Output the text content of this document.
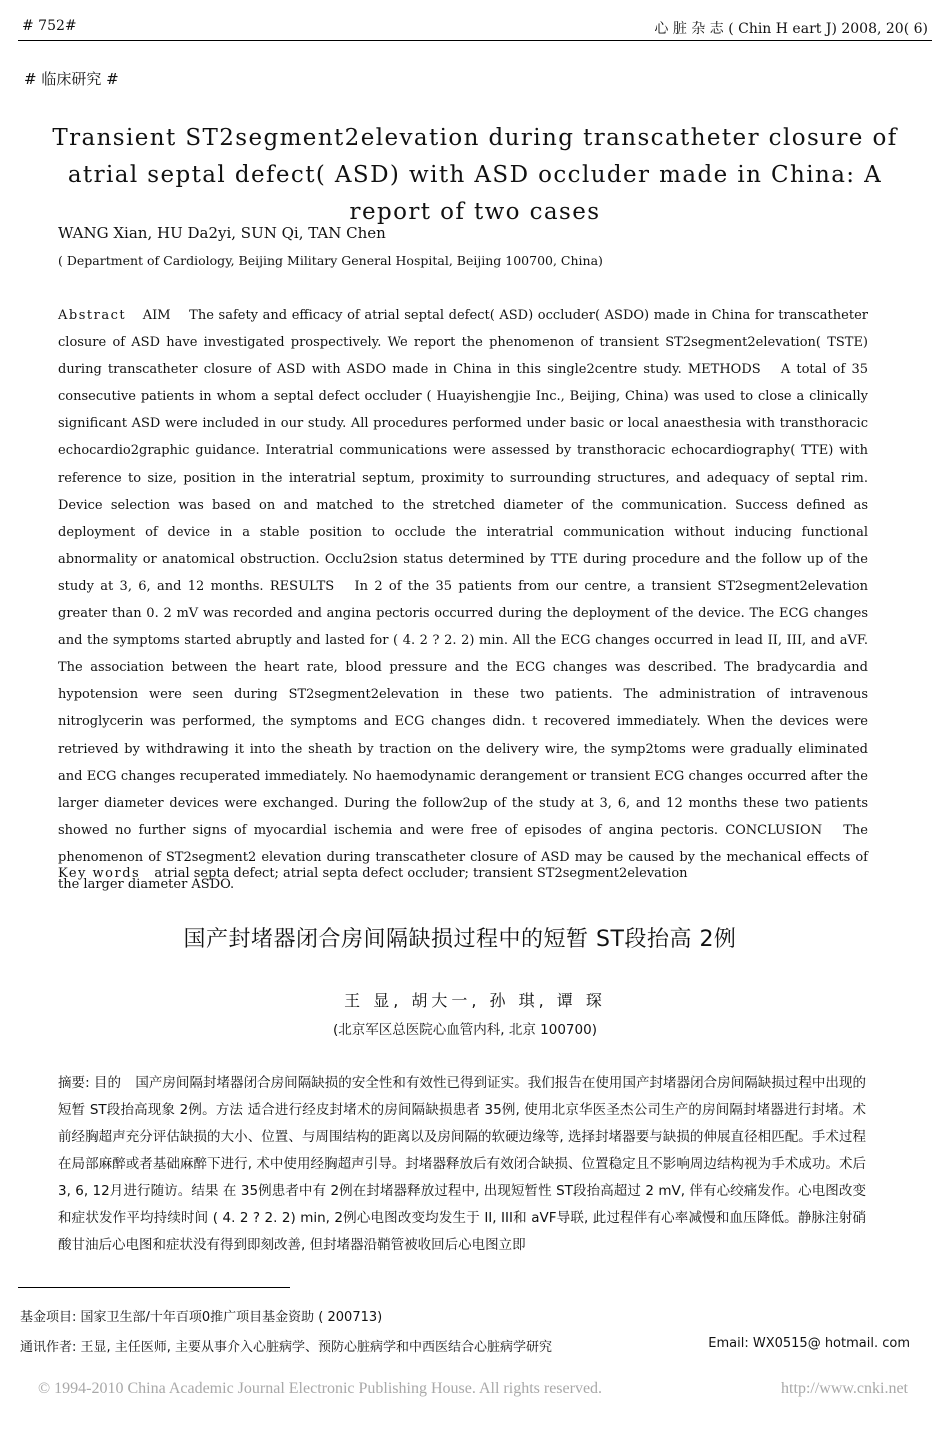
# 752#	心 脏 杂 志 ( Chin H eart J) 2008, 20( 6)
# 临床研究 #
Transient ST2segment2elevation during transcatheter closure of atrial septal defect( ASD) with ASD occluder made in China: A report of two cases
WANG Xian, HU Da2yi, SUN Qi, TAN Chen
( Department of Cardiology, Beijing Military General Hospital, Beijing 100700, China)
Abstract AIM The safety and efficacy of atrial septal defect( ASD) occluder( ASDO) made in China for transcatheter closure of ASD have investigated prospectively. We report the phenomenon of transient ST2segment2elevation( TSTE) during transcatheter closure of ASD with ASDO made in China in this single2centre study. METHODS A total of 35 consecutive patients in whom a septal defect occluder ( Huayishengjie Inc., Beijing, China) was used to close a clinically significant ASD were included in our study. All procedures performed under basic or local anaesthesia with transthoracic echocardio2graphic guidance. Interatrial communications were assessed by transthoracic echocardiography( TTE) with reference to size, position in the interatrial septum, proximity to surrounding structures, and adequacy of septal rim. Device selection was based on and matched to the stretched diameter of the communication. Success defined as deployment of device in a stable position to occlude the interatrial communication without inducing functional abnormality or anatomical obstruction. Occlu2sion status determined by TTE during procedure and the follow up of the study at 3, 6, and 12 months. RESULTS In 2 of the 35 patients from our centre, a transient ST2segment2elevation greater than 0. 2 mV was recorded and angina pectoris occurred during the deployment of the device. The ECG changes and the symptoms started abruptly and lasted for ( 4. 2 ? 2. 2) min. All the ECG changes occurred in lead II, III, and aVF. The association between the heart rate, blood pressure and the ECG changes was described. The bradycardia and hypotension were seen during ST2segment2elevation in these two patients. The administration of intravenous nitroglycerin was performed, the symptoms and ECG changes didn. t recovered immediately. When the devices were retrieved by withdrawing it into the sheath by traction on the delivery wire, the symp2toms were gradually eliminated and ECG changes recuperated immediately. No haemodynamic derangement or transient ECG changes occurred after the larger diameter devices were exchanged. During the follow2up of the study at 3, 6, and 12 months these two patients showed no further signs of myocardial ischemia and were free of episodes of angina pectoris. CONCLUSION The phenomenon of ST2segment2 elevation during transcatheter closure of ASD may be caused by the mechanical effects of the larger diameter ASDO.
Key words atrial septa defect; atrial septa defect occluder; transient ST2segment2elevation
国产封堵器闭合房间隔缺损过程中的短暂 ST段抬高 2例
王 显, 胡大一, 孙 琪, 谭 琛
(北京军区总医院心血管内科, 北京 100700)
摘要: 目的 国产房间隔封堵器闭合房间隔缺损的安全性和有效性已得到证实。我们报告在使用国产封堵器闭合房间隔缺损过程中出现的短暂 ST段抬高现象 2例。方法 适合进行经皮封堵术的房间隔缺损患者 35例, 使用北京华医圣杰公司生产的房间隔封堵器进行封堵。术前经胸超声充分评估缺损的大小、位置、与周围结构的距离以及房间隔的软硬边缘等, 选择封堵器要与缺损的伸展直径相匹配。手术过程在局部麻醉或者基础麻醉下进行, 术中使用经胸超声引导。封堵器释放后有效闭合缺损、位置稳定且不影响周边结构视为手术成功。术后 3, 6, 12月进行随访。结果 在 35例患者中有 2例在封堵器释放过程中, 出现短暂性 ST段抬高超过 2 mV, 伴有心绞痛发作。心电图改变和症状发作平均持续时间 ( 4. 2 ? 2. 2) min, 2例心电图改变均发生于 II, III和 aVF导联, 此过程伴有心率减慢和血压降低。静脉注射硝酸甘油后心电图和症状没有得到即刻改善, 但封堵器沿鞘管被收回后心电图立即
基金项目: 国家卫生部/十年百项0推广项目基金资助 ( 200713)
通讯作者: 王显, 主任医师, 主要从事介入心脏病学、预防心脏病学和中西医结合心脏病学研究	Email: WX0515@ hotmail. com
© 1994-2010 China Academic Journal Electronic Publishing House. All rights reserved.	http://www.cnki.net
